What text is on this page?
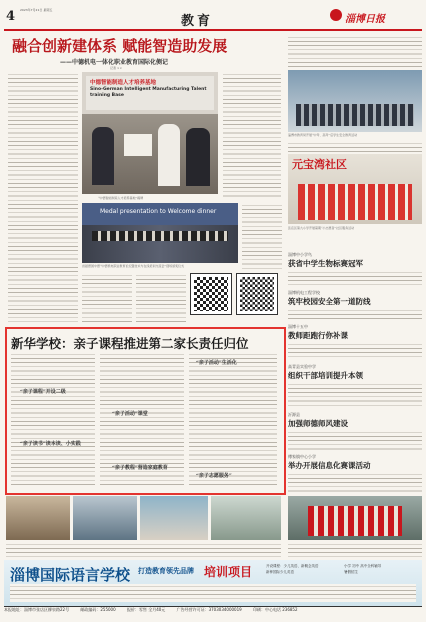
4 2023年7月21日 星期五
教育	淄博日报
融合创新建体系 赋能智造助发展
——中德机电一体化职业教育国际化侧记
记者 ××
中德智能制造人才培养基地
Sino-German Intelligent Manufacturing Talent training Base
“中德智能制造人才培养基地”揭牌
Medal presentation to Welcome dinner
首届德国中德“中德机电职业教育论坛暨技术与在线培训交流会”现场颁奖仪式
新华学校：亲子课程推进第二家长责任归位
“亲子课程”开设二级
“亲子读书”读本读、小实践
“亲子活动”课堂
“亲子教程”营造家庭教育
“亲子活动”生活化
“亲子志愿服务”
淄博市教育局开展“中考、高考”后学生安全教育活动
元宝湾社区
张店区第九小学开展暑期“小志愿者”社区服务活动
淄博中小学鸟
获省中学生物标赛冠军
淄博机电工程学校
筑牢校园安全第一道防线
淄博十五中
教师距跑行你补课
高青县实验中学
组织干部培训提升本领
沂源县
加强师德师风建设
傅家镇中心小学
举办开展信息化赛课活动
淄博国际语言学校 打造教育领先品牌 培训项目	开设课程：少儿英语、新概念英语
新种国际少儿英语
小学 初中 高中全科辅导
暑假招生
本报地址：淄博市张店区柳泉路22号	邮政编码：255000	报价：零售 全月40元	广告经营许可证：3703034000019	印刷：中心电话 236852
